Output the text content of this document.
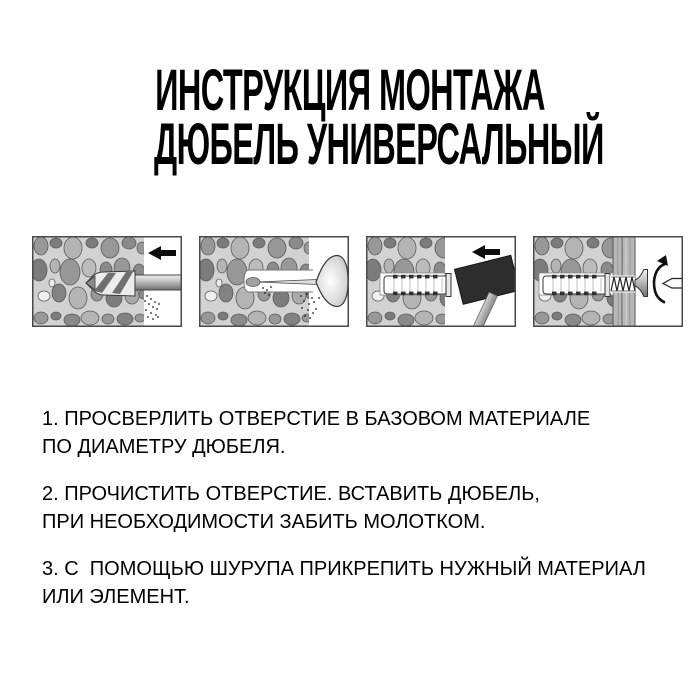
ИНСТРУКЦИЯ МОНТАЖА
ДЮБЕЛЬ УНИВЕРСАЛЬНЫЙ
1. ПРОСВЕРЛИТЬ ОТВЕРСТИЕ В БАЗОВОМ МАТЕРИАЛЕ
ПО ДИАМЕТРУ ДЮБЕЛЯ.
2. ПРОЧИСТИТЬ ОТВЕРСТИЕ. ВСТАВИТЬ ДЮБЕЛЬ,
ПРИ НЕОБХОДИМОСТИ ЗАБИТЬ МОЛОТКОМ.
3. С  ПОМОЩЬЮ ШУРУПА ПРИКРЕПИТЬ НУЖНЫЙ МАТЕРИАЛ
ИЛИ ЭЛЕМЕНТ.
